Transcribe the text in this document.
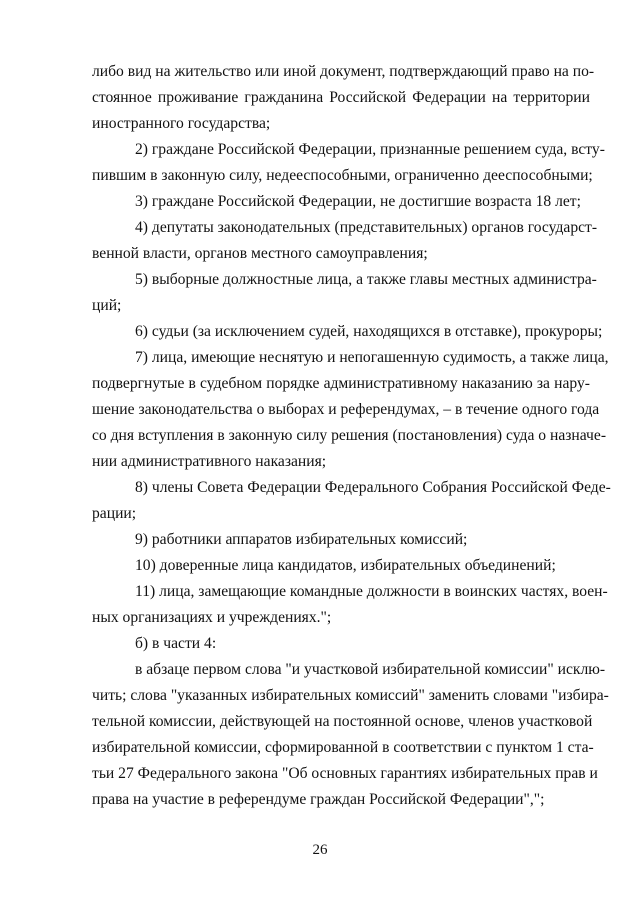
либо вид на жительство или иной документ, подтверждающий право на по-
стоянное проживание гражданина Российской Федерации на территории
иностранного государства;
2) граждане Российской Федерации, признанные решением суда, всту-
пившим в законную силу, недееспособными, ограниченно дееспособными;
3) граждане Российской Федерации, не достигшие возраста 18 лет;
4) депутаты законодательных (представительных) органов государст-
венной власти, органов местного самоуправления;
5) выборные должностные лица, а также главы местных администра-
ций;
6) судьи (за исключением судей, находящихся в отставке), прокуроры;
7) лица, имеющие неснятую и непогашенную судимость, а также лица,
подвергнутые в судебном порядке административному наказанию за нару-
шение законодательства о выборах и референдумах, – в течение одного года
со дня вступления в законную силу решения (постановления) суда о назначе-
нии административного наказания;
8) члены Совета Федерации Федерального Собрания Российской Феде-
рации;
9) работники аппаратов избирательных комиссий;
10) доверенные лица кандидатов, избирательных объединений;
11) лица, замещающие командные должности в воинских частях, воен-
ных организациях и учреждениях.";
б) в части 4:
в абзаце первом слова "и участковой избирательной комиссии" исклю-
чить; слова "указанных избирательных комиссий" заменить словами "избира-
тельной комиссии, действующей на постоянной основе, членов участковой
избирательной комиссии, сформированной в соответствии с пунктом 1 ста-
тьи 27 Федерального закона "Об основных гарантиях избирательных прав и
права на участие в референдуме граждан Российской Федерации",";
26
